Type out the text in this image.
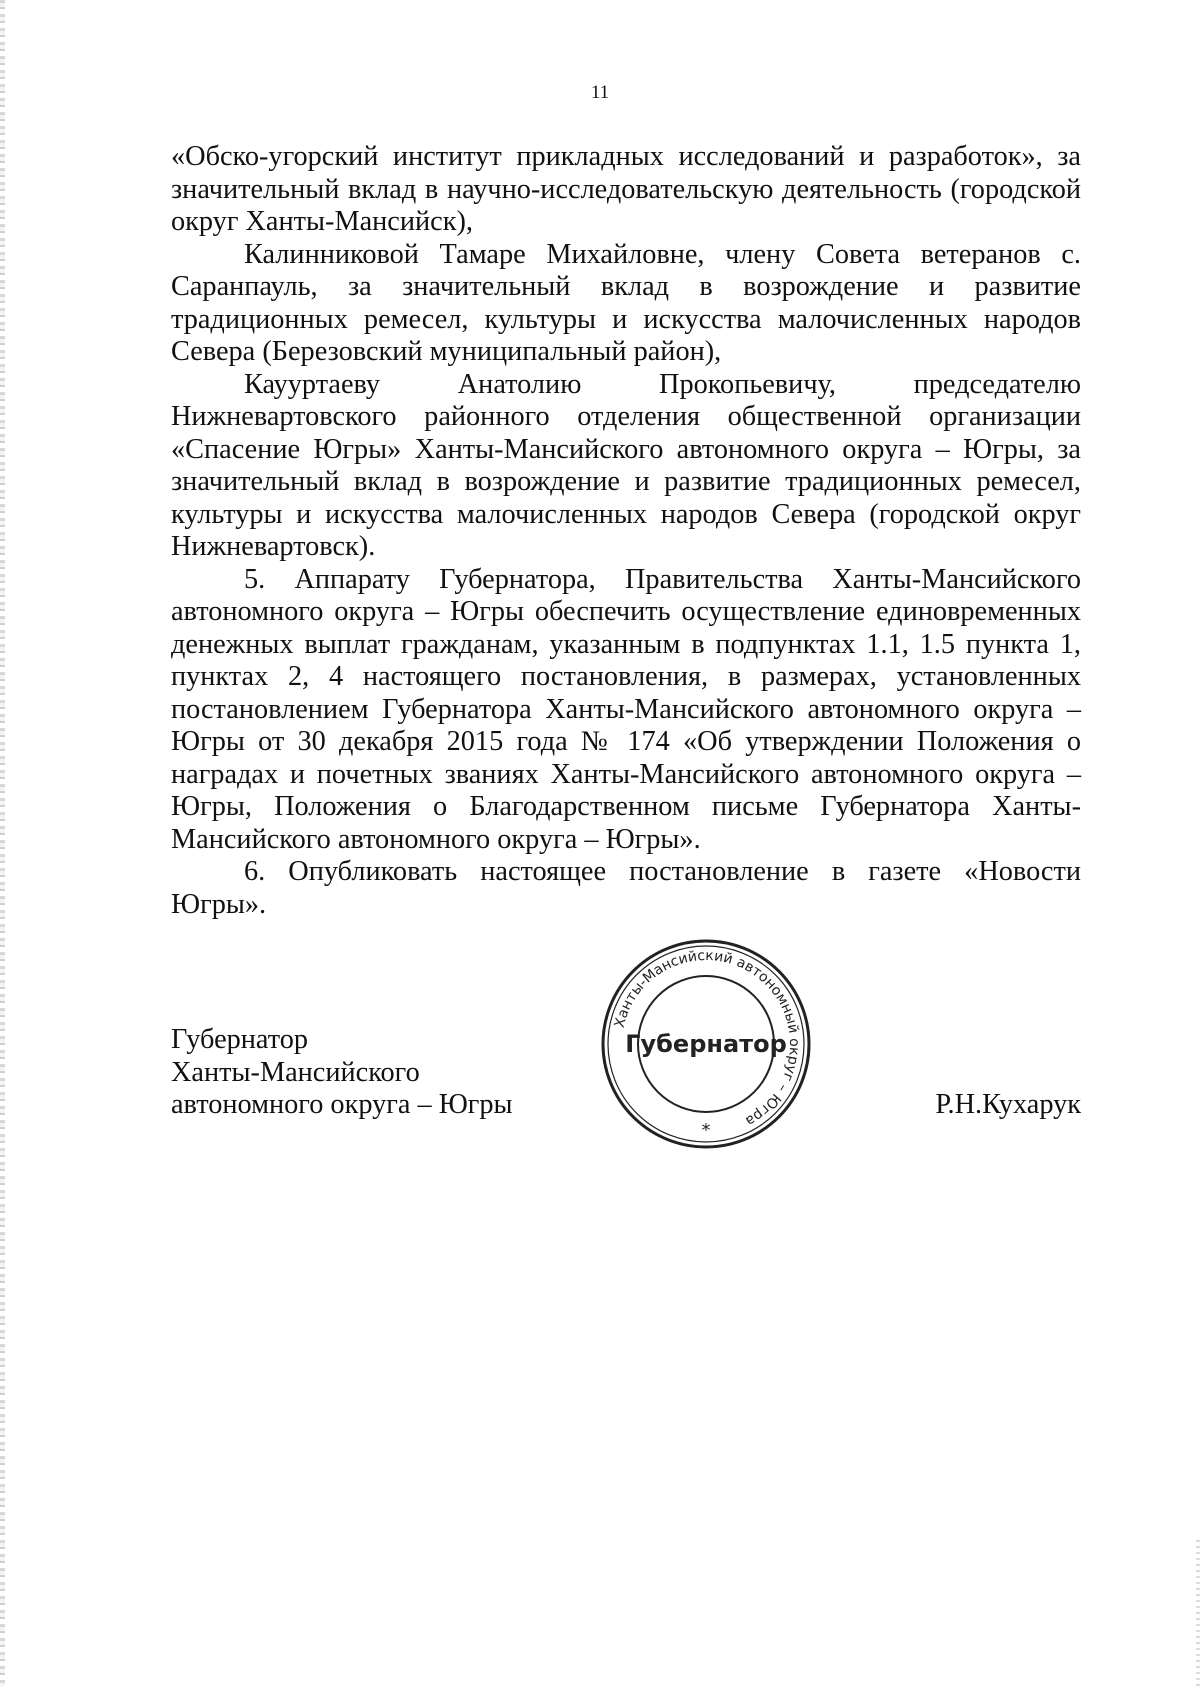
11

«Обско-угорский институт прикладных исследований и разработок», за значительный вклад в научно-исследовательскую деятельность (городской округ Ханты-Мансийск),

Калинниковой Тамаре Михайловне, члену Совета ветеранов с. Саранпауль, за значительный вклад в возрождение и развитие традиционных ремесел, культуры и искусства малочисленных народов Севера (Березовский муниципальный район),

Каууртаеву Анатолию Прокопьевичу, председателю Нижневартовского районного отделения общественной организации «Спасение Югры» Ханты-Мансийского автономного округа – Югры, за значительный вклад в возрождение и развитие традиционных ремесел, культуры и искусства малочисленных народов Севера (городской округ Нижневартовск).

5. Аппарату Губернатора, Правительства Ханты-Мансийского автономного округа – Югры обеспечить осуществление единовременных денежных выплат гражданам, указанным в подпунктах 1.1, 1.5 пункта 1, пунктах 2, 4 настоящего постановления, в размерах, установленных постановлением Губернатора Ханты-Мансийского автономного округа – Югры от 30 декабря 2015 года № 174 «Об утверждении Положения о наградах и почетных званиях Ханты-Мансийского автономного округа – Югры, Положения о Благодарственном письме Губернатора Ханты-Мансийского автономного округа – Югры».

6. Опубликовать настоящее постановление в газете «Новости Югры».

Губернатор
Ханты-Мансийского
автономного округа – Югры	Р.Н.Кухарук
Ханты-Мансийский автономный округ – Югра
Губернатор
*
